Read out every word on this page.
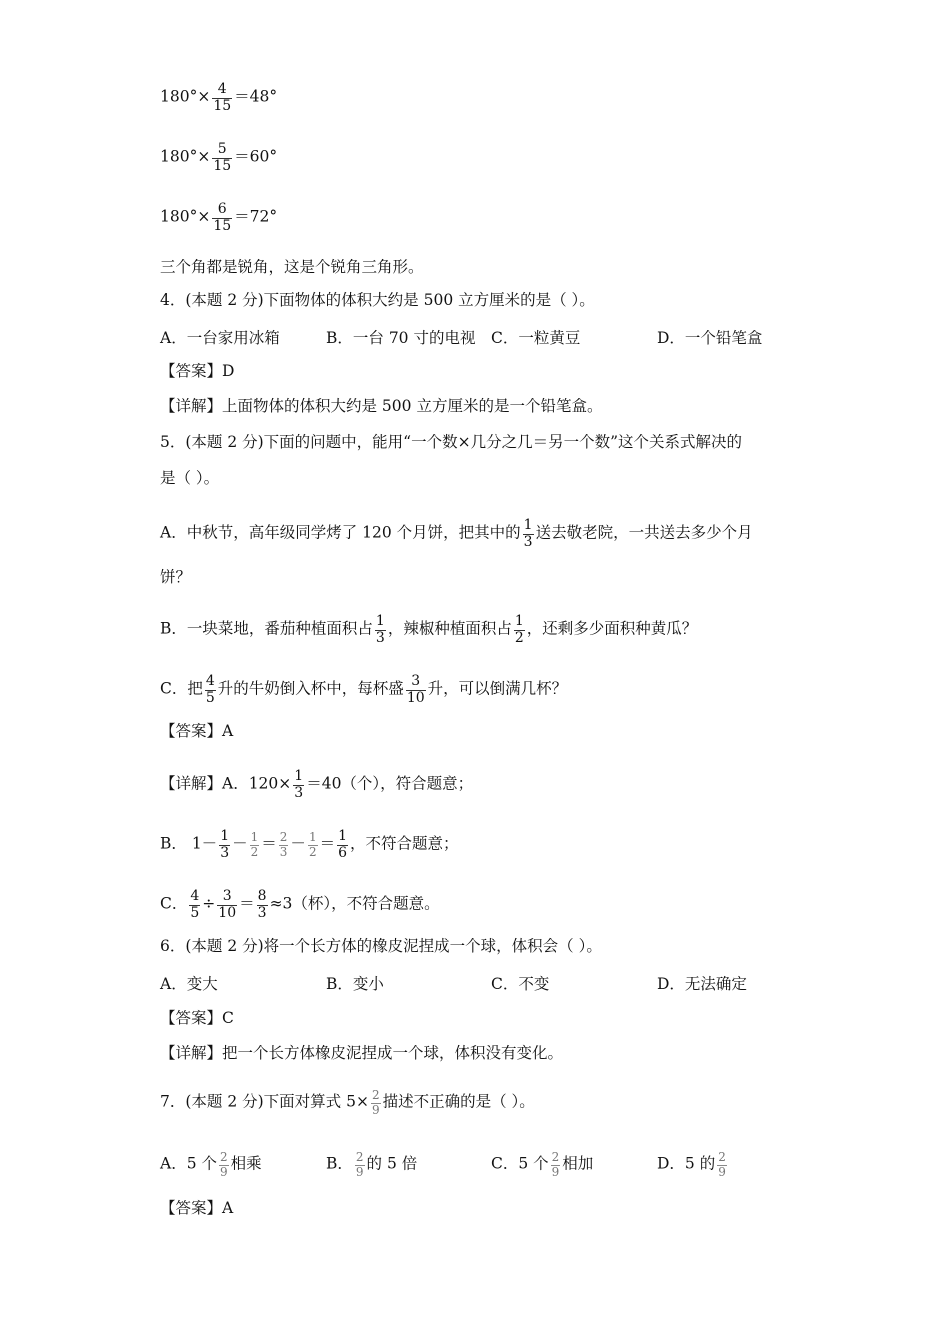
$180^\circ\times \frac{4}{15} =48^\circ$
$180^\circ\times \frac{5}{15} =60^\circ$
$180^\circ\times \frac{6}{15} =72^\circ$
三个角都是锐角，这是个锐角三角形。
4．(本题 2 分)下面物体的体积大约是 500 立方厘米的是（ ）。
A．一台家用冰箱	B．一台 70 寸的电视 C．一粒黄豆	D．一个铅笔盒
【答案】D
【详解】上面物体的体积大约是 500 立方厘米的是一个铅笔盒。
5．(本题 2 分)下面的问题中，能用“一个数×几分之几＝另一个数”这个关系式解决的
是（ ）。
A．中秋节，高年级同学烤了 120 个月饼，把其中的 $\frac{1}{3}$ 送去敬老院，一共送去多少个月
饼？
B．一块菜地，番茄种植面积占 $\frac{1}{3}$ ，辣椒种植面积占 $\frac{1}{2}$ ，还剩多少面积种黄瓜？
C．把 $\frac{4}{5}$ 升的牛奶倒入杯中，每杯盛 $\frac{3}{10}$ 升，可以倒满几杯？
【答案】A
【详解】A．$120\times \frac{1}{3} =40$（个），符合题意；
B． $1- \frac{1}{3} - \frac{1}{2} = \frac{2}{3} - \frac{1}{2} = \frac{1}{6}$ ，不符合题意；
C． $\frac{4}{5} \div \frac{3}{10} = \frac{8}{3} \approx 3$（杯），不符合题意。
6．(本题 2 分)将一个长方体的橡皮泥捏成一个球，体积会（ ）。
A．变大	B．变小	C．不变	D．无法确定
【答案】C
【详解】把一个长方体橡皮泥捏成一个球，体积没有变化。
7．(本题 2 分)下面对算式 $5\times \frac{2}{9}$ 描述不正确的是（ ）。
A．5 个 $\frac{2}{9}$ 相乘	B． $\frac{2}{9}$ 的 5 倍	C．5 个 $\frac{2}{9}$ 相加	D．5 的 $\frac{2}{9}$
【答案】A
